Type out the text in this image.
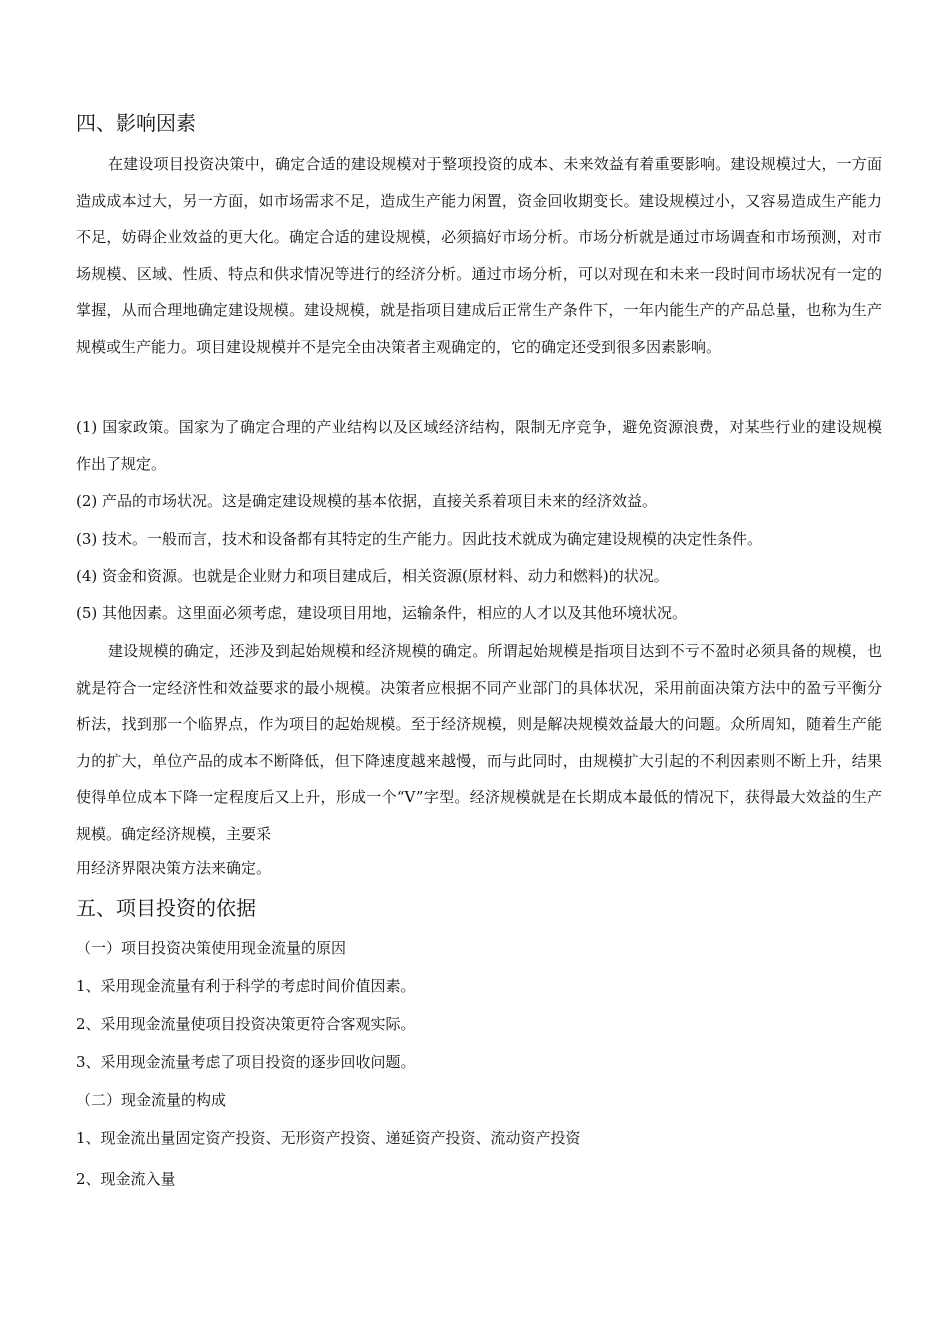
四、影响因素
在建设项目投资决策中，确定合适的建设规模对于整项投资的成本、未来效益有着重要影响。建设规模过大，一方面造成成本过大，另一方面，如市场需求不足，造成生产能力闲置，资金回收期变长。建设规模过小，又容易造成生产能力不足，妨碍企业效益的更大化。确定合适的建设规模，必须搞好市场分析。市场分析就是通过市场调查和市场预测，对市场规模、区域、性质、特点和供求情况等进行的经济分析。通过市场分析，可以对现在和未来一段时间市场状况有一定的掌握，从而合理地确定建设规模。建设规模，就是指项目建成后正常生产条件下，一年内能生产的产品总量，也称为生产规模或生产能力。项目建设规模并不是完全由决策者主观确定的，它的确定还受到很多因素影响。
(1) 国家政策。国家为了确定合理的产业结构以及区域经济结构，限制无序竞争，避免资源浪费，对某些行业的建设规模作出了规定。
(2) 产品的市场状况。这是确定建设规模的基本依据，直接关系着项目未来的经济效益。
(3) 技术。一般而言，技术和设备都有其特定的生产能力。因此技术就成为确定建设规模的决定性条件。
(4) 资金和资源。也就是企业财力和项目建成后，相关资源(原材料、动力和燃料)的状况。
(5) 其他因素。这里面必须考虑，建设项目用地，运输条件，相应的人才以及其他环境状况。
建设规模的确定，还涉及到起始规模和经济规模的确定。所谓起始规模是指项目达到不亏不盈时必须具备的规模，也就是符合一定经济性和效益要求的最小规模。决策者应根据不同产业部门的具体状况，采用前面决策方法中的盈亏平衡分析法，找到那一个临界点，作为项目的起始规模。至于经济规模，则是解决规模效益最大的问题。众所周知，随着生产能力的扩大，单位产品的成本不断降低，但下降速度越来越慢，而与此同时，由规模扩大引起的不利因素则不断上升，结果使得单位成本下降一定程度后又上升，形成一个“V”字型。经济规模就是在长期成本最低的情况下，获得最大效益的生产规模。确定经济规模，主要采
用经济界限决策方法来确定。
五、项目投资的依据
（一）项目投资决策使用现金流量的原因
1、采用现金流量有利于科学的考虑时间价值因素。
2、采用现金流量使项目投资决策更符合客观实际。
3、采用现金流量考虑了项目投资的逐步回收问题。
（二）现金流量的构成
1、现金流出量固定资产投资、无形资产投资、递延资产投资、流动资产投资
2、现金流入量
